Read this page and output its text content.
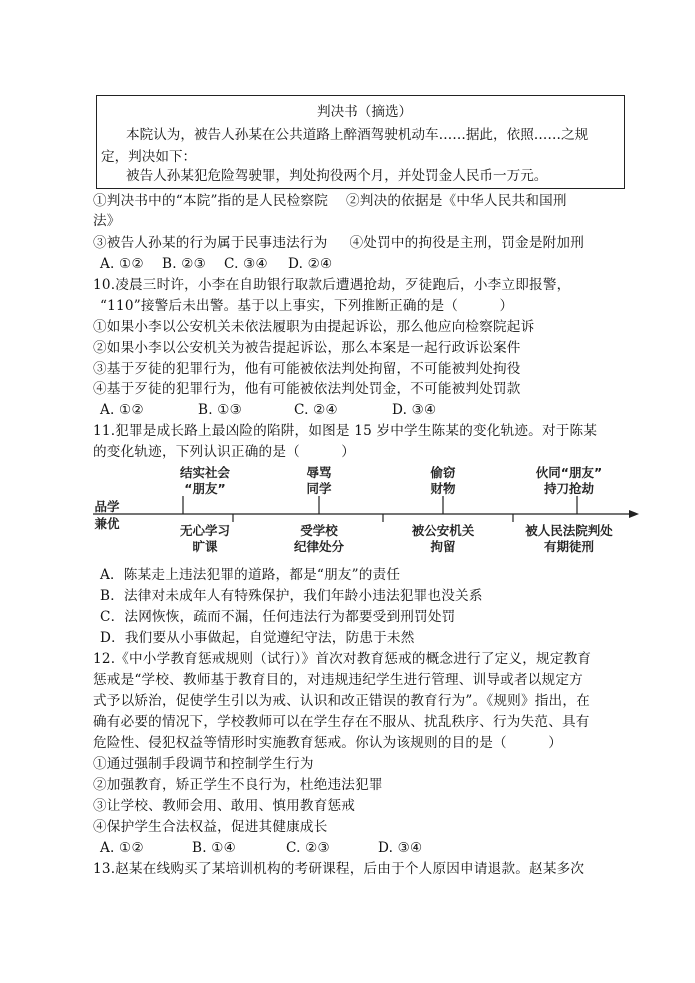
判决书（摘选）
本院认为，被告人孙某在公共道路上醉酒驾驶机动车……据此，依照……之规
定，判决如下：
被告人孙某犯危险驾驶罪，判处拘役两个月，并处罚金人民币一万元。
①判决书中的“本院”指的是人民检察院 ②判决的依据是《中华人民共和国刑
法》
③被告人孙某的行为属于民事违法行为 ④处罚中的拘役是主刑，罚金是附加刑
A. ①② B. ②③ C. ③④ D. ②④
10.凌晨三时许，小李在自助银行取款后遭遇抢劫，歹徒跑后，小李立即报警，
“110”接警后未出警。基于以上事实，下列推断正确的是（　　　）
①如果小李以公安机关未依法履职为由提起诉讼，那么他应向检察院起诉
②如果小李以公安机关为被告提起诉讼，那么本案是一起行政诉讼案件
③基于歹徒的犯罪行为，他有可能被依法判处拘留，不可能被判处拘役
④基于歹徒的犯罪行为，他有可能被依法判处罚金，不可能被判处罚款
A. ①②	B. ①③	C. ②④	D. ③④
11.犯罪是成长路上最凶险的陷阱，如图是 15 岁中学生陈某的变化轨迹。对于陈某
的变化轨迹，下列认识正确的是（　　　）
品学
兼优
结实社会
“朋友”
辱骂
同学
偷窃
财物
伙同“朋友”
持刀抢劫
无心学习
旷课
受学校
纪律处分
被公安机关
拘留
被人民法院判处
有期徒刑
A．陈某走上违法犯罪的道路，都是“朋友”的责任
B．法律对未成年人有特殊保护，我们年龄小违法犯罪也没关系
C．法网恢恢，疏而不漏，任何违法行为都要受到刑罚处罚
D．我们要从小事做起，自觉遵纪守法，防患于未然
12.《中小学教育惩戒规则（试行）》首次对教育惩戒的概念进行了定义，规定教育
惩戒是“学校、教师基于教育目的，对违规违纪学生进行管理、训导或者以规定方
式予以矫治，促使学生引以为戒、认识和改正错误的教育行为”。《规则》指出，在
确有必要的情况下，学校教师可以在学生存在不服从、扰乱秩序、行为失范、具有
危险性、侵犯权益等情形时实施教育惩戒。你认为该规则的目的是（　　　）
①通过强制手段调节和控制学生行为
②加强教育，矫正学生不良行为，杜绝违法犯罪
③让学校、教师会用、敢用、慎用教育惩戒
④保护学生合法权益，促进其健康成长
A. ①②	B. ①④	C. ②③	D. ③④
13.赵某在线购买了某培训机构的考研课程，后由于个人原因申请退款。赵某多次
